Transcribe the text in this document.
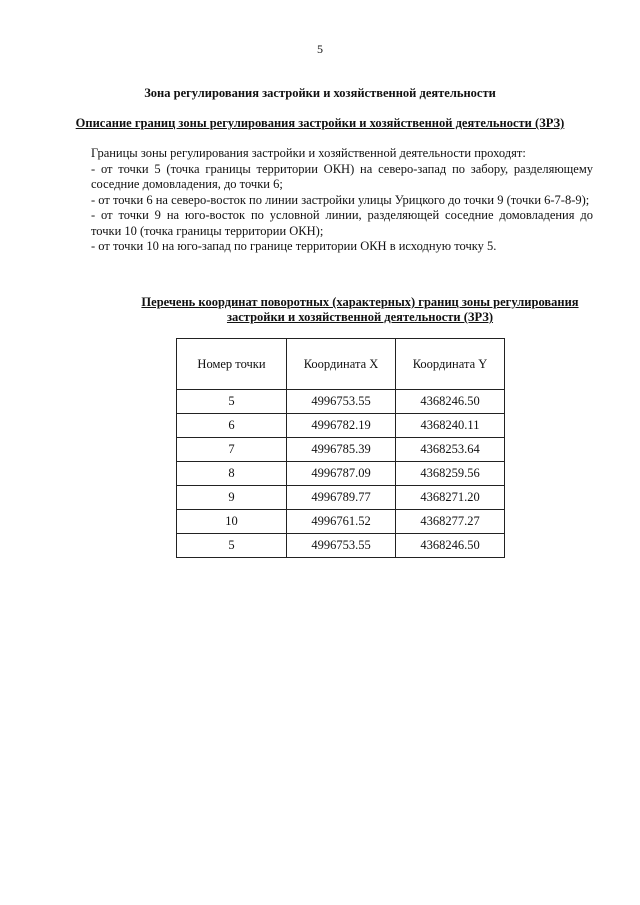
5
Зона регулирования застройки и хозяйственной деятельности
Описание границ зоны регулирования застройки и хозяйственной деятельности (ЗРЗ)

Границы зоны регулирования застройки и хозяйственной деятельности проходят:

- от точки 5 (точка границы территории ОКН) на северо-запад по забору, разделяющему соседние домовладения, до точки 6;

- от точки 6 на северо-восток по линии застройки улицы Урицкого до точки 9 (точки 6-7-8-9);

- от точки 9 на юго-восток по условной линии, разделяющей соседние домовладения до точки 10 (точка границы территории ОКН);

- от точки 10 на юго-запад по границе территории ОКН в исходную точку 5.

Перечень координат поворотных (характерных) границ зоны регулирования
застройки и хозяйственной деятельности (ЗРЗ)
Номер точки	Координата X	Координата Y
5	4996753.55	4368246.50
6	4996782.19	4368240.11
7	4996785.39	4368253.64
8	4996787.09	4368259.56
9	4996789.77	4368271.20
10	4996761.52	4368277.27
5	4996753.55	4368246.50
